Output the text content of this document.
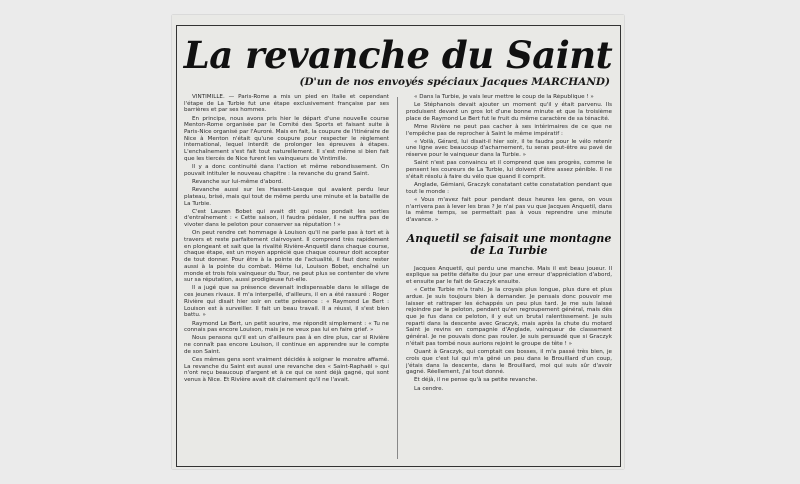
La revanche du Saint
(D'un de nos envoyés spéciaux Jacques MARCHAND)

VINTIMILLE. — Paris-Rome a mis un pied en Italie et cependant l'étape de La Turbie fut une étape exclusivement française par ses barrières et par ses hommes.

En principe, nous avons pris hier le départ d'une nouvelle course Menton-Rome organisée par le Comité des Sports et faisant suite à Paris-Nice organisé par l'Auroré. Mais en fait, la coupure de l'itinéraire de Nice à Menton n'était qu'une coupure pour respecter le règlement international, lequel interdit de prolonger les épreuves à étapes. L'enchaînement s'est fait tout naturellement. Il s'est même si bien fait que les tiercés de Nice furent les vainqueurs de Vintimille.

Il y a donc continuité dans l'action et même rebondissement. On pouvait intituler le nouveau chapitre : la revanche du grand Saint.

Revanche sur lui-même d'abord.

Revanche aussi sur les Hassett-Lesque qui avaient perdu leur plateau, brisé, mais qui tout de même perdu une minute et la bataille de La Turbie.

C'est Lauzen Bobet qui avait dit qui nous pondait les sorties d'entraînement : « Cette saison, il faudra pédaler, il ne suffira pas de vivoter dans le peloton pour conserver sa réputation ! »

On peut rendre cet hommage à Louison qu'il ne parle pas à tort et à travers et reste parfaitement clairvoyant. Il comprend très rapidement en plongeant et sait que la rivalité Rivière-Anquetil dans chaque course, chaque étape, est un moyen apprécié que chaque coureur doit accepter de tout donner. Pour être à la pointe de l'actualité, il faut donc rester aussi à la pointe du combat. Même lui, Louison Bobet, enchaîné un monde et trois fois vainqueur du Tour, ne peut plus se contenter de vivre sur sa réputation, aussi prodigieuse fut-elle.

Il a jugé que sa présence devenait indispensable dans le sillage de ces jeunes rivaux. Il m'a interpellé, d'ailleurs, il en a été rassuré : Roger Rivière qui disait hier soir en cette présence : « Raymond Le Bert : Louison est à surveiller. Il fait un beau travail. Il a réussi, il s'est bien battu. »

Raymond Le Bert, un petit sourire, me répondit simplement : « Tu ne connais pas encore Louison, mais je ne veux pas lui en faire grief. »

Nous pensons qu'il est un d'ailleurs pas à en dire plus, car si Rivière ne connaît pas encore Louison, il continue en apprendre sur le compte de son Saint.

Ces mêmes gens sont vraiment décidés à soigner le monstre affamé. La revanche du Saint est aussi une revanche des « Saint-Raphaël » qui n'ont reçu beaucoup d'argent et à ce qui ce sont déjà gagné, qui sont venus à Nice. Et Rivière avait dit clairement qu'il ne l'avait.

« Dans la Turbie, je vais leur mettre le coup de la République ! »

Le Stéphanois devait ajouter un moment qu'il y était parvenu. Ils produisent devant un gros lot d'une bonne minute et que la troisième place de Raymond Le Bert fut le fruit du même caractère de sa ténacité.

Mme Rivière ne peut pas cacher à ses intérimaires de ce que ne l'empêche pas de reprocher à Saint le même impératif :

« Voilà, Gérard, lui disait-il hier soir, il te faudra pour le vélo retenir une ligne avec beaucoup d'acharnement, tu seras peut-être au pavé de réserve pour le vainqueur dans la Turbie. »

Saint n'est pas convaincu et il comprend que ses progrès, comme le pensent les coureurs de La Turbie, lui doivent d'être assez pénible. Il ne s'était résolu à faire du vélo que quand il comprit.

Anglade, Gémiani, Graczyk constatant cette constatation pendant que tout le monde :

« Vous m'avez fait pour pendant deux heures les gens, on vous n'arrivera pas à lever les bras ? Je n'ai pas vu que Jacques Anquetil, dans la même temps, se permettait pas à vous reprendre une minute d'avance. »

Anquetil se faisait une montagne de La Turbie

Jacques Anquetil, qui perdu une manche. Mais il est beau joueur. Il explique sa petite défaite du jour par une erreur d'appréciation d'abord, et ensuite par le fait de Graczyk ensuite.

« Cette Turbie m'a trahi. Je la croyais plus longue, plus dure et plus ardue. Je suis toujours bien à demander. Je pensais donc pouvoir me laisser et rattraper les échappés un peu plus tard. Je me suis laissé rejoindre par le peloton, pendant qu'en regroupement général, mais dès que je fus dans ce peloton, il y eut un brutal ralentissement. Je suis reparti dans la descente avec Graczyk, mais après la chute du motard Saint je revins en compagnie d'Anglade, vainqueur de classement général. Je ne pouvais donc pas rouler. Je suis persuadé que si Graczyk n'était pas tombé nous aurions rejoint le groupe de tête ! »

Quant à Graczyk, qui comptait ces bosses, il m'a passé très bien, je crois que c'est lui qui m'a gêné un peu dans le Brouillard d'un coup, j'étais dans la descente, dans le Brouillard, moi qui suis sûr d'avoir gagné. Réellement, j'ai tout donné.

Et déjà, il ne pense qu'à sa petite revanche.

La cendre.
